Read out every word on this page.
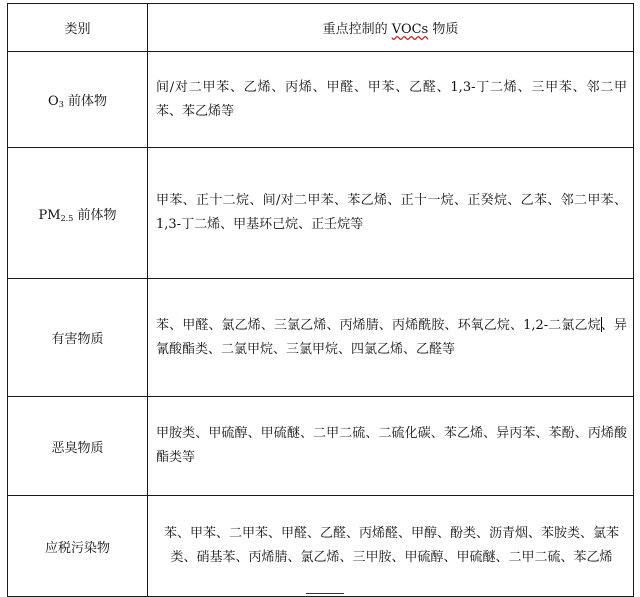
类别	重点控制的 VOCs 物质
O3 前体物	间/对二甲苯、乙烯、丙烯、甲醛、甲苯、乙醛、1,3-丁二烯、三甲苯、邻二甲苯、苯乙烯等
PM2.5 前体物	甲苯、正十二烷、间/对二甲苯、苯乙烯、正十一烷、正癸烷、乙苯、邻二甲苯、1,3-丁二烯、甲基环己烷、正壬烷等
有害物质	苯、甲醛、氯乙烯、三氯乙烯、丙烯腈、丙烯酰胺、环氧乙烷、1,2-二氯乙烷、异氰酸酯类、二氯甲烷、三氯甲烷、四氯乙烯、乙醛等
恶臭物质	甲胺类、甲硫醇、甲硫醚、二甲二硫、二硫化碳、苯乙烯、异丙苯、苯酚、丙烯酸酯类等
应税污染物	苯、甲苯、二甲苯、甲醛、乙醛、丙烯醛、甲醇、酚类、沥青烟、苯胺类、氯苯类、硝基苯、丙烯腈、氯乙烯、三甲胺、甲硫醇、甲硫醚、二甲二硫、苯乙烯
